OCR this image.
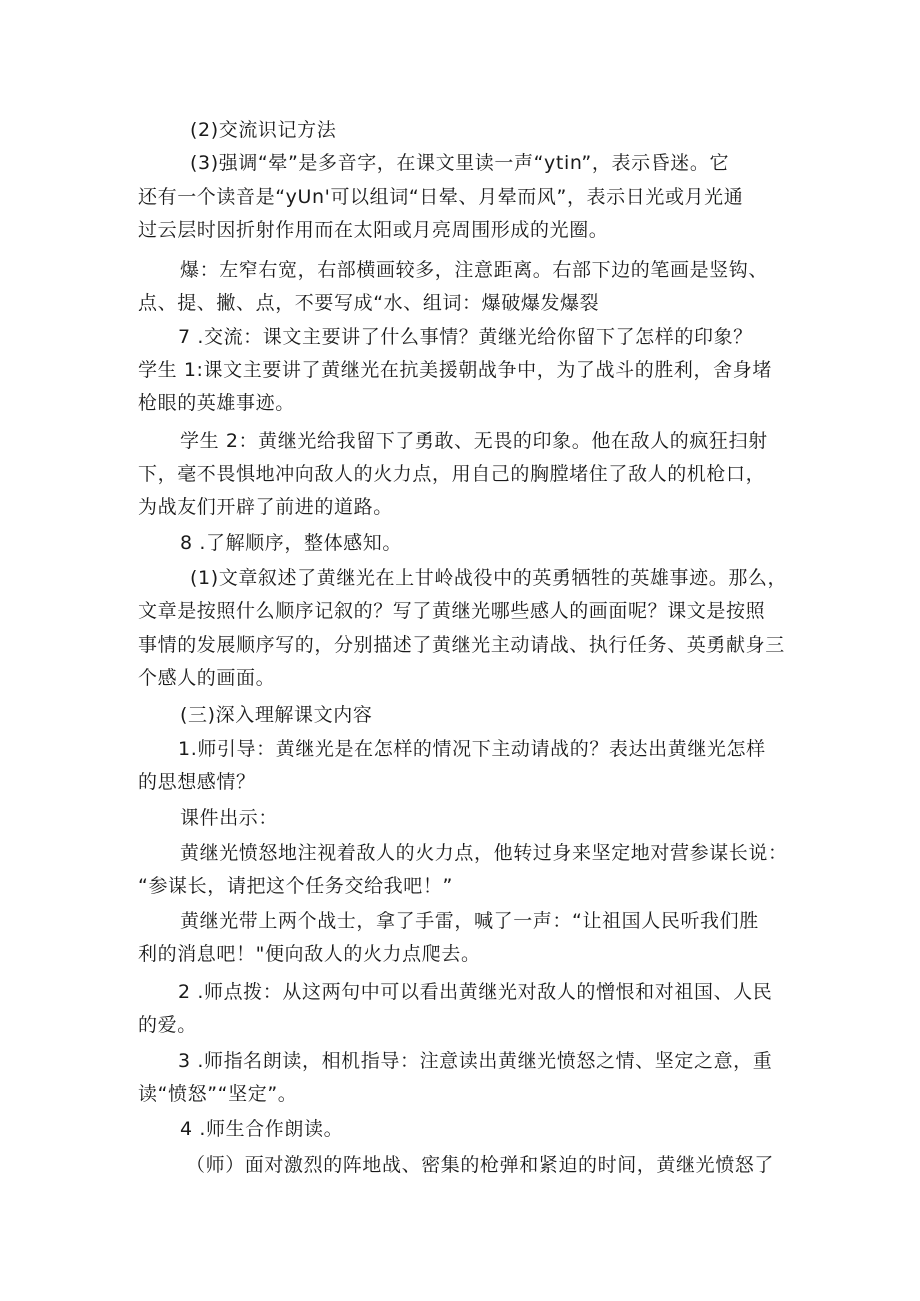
(2)交流识记方法
(3)强调“晕”是多音字，在课文里读一声“ytin”，表示昏迷。它
还有一个读音是“yUn'可以组词“日晕、月晕而风”，表示日光或月光通
过云层时因折射作用而在太阳或月亮周围形成的光圈。
爆：左窄右宽，右部横画较多，注意距离。右部下边的笔画是竖钩、
点、提、撇、点，不要写成“水、组词：爆破爆发爆裂
7 .交流：课文主要讲了什么事情？黄继光给你留下了怎样的印象？
学生 1:课文主要讲了黄继光在抗美援朝战争中，为了战斗的胜利，舍身堵
枪眼的英雄事迹。
学生 2：黄继光给我留下了勇敢、无畏的印象。他在敌人的疯狂扫射
下，毫不畏惧地冲向敌人的火力点，用自己的胸膛堵住了敌人的机枪口，
为战友们开辟了前进的道路。
8 .了解顺序，整体感知。
(1)文章叙述了黄继光在上甘岭战役中的英勇牺牲的英雄事迹。那么，
文章是按照什么顺序记叙的？写了黄继光哪些感人的画面呢？课文是按照
事情的发展顺序写的，分别描述了黄继光主动请战、执行任务、英勇献身三
个感人的画面。
(三)深入理解课文内容
1.师引导：黄继光是在怎样的情况下主动请战的？表达出黄继光怎样
的思想感情？
课件出示：
黄继光愤怒地注视着敌人的火力点，他转过身来坚定地对营参谋长说：
“参谋长，请把这个任务交给我吧！”
黄继光带上两个战士，拿了手雷，喊了一声：“让祖国人民听我们胜
利的消息吧！"便向敌人的火力点爬去。
2 .师点拨：从这两句中可以看出黄继光对敌人的憎恨和对祖国、人民
的爱。
3 .师指名朗读，相机指导：注意读出黄继光愤怒之情、坚定之意，重
读“愤怒”“坚定”。
4 .师生合作朗读。
（师）面对激烈的阵地战、密集的枪弹和紧迫的时间，黄继光愤怒了
